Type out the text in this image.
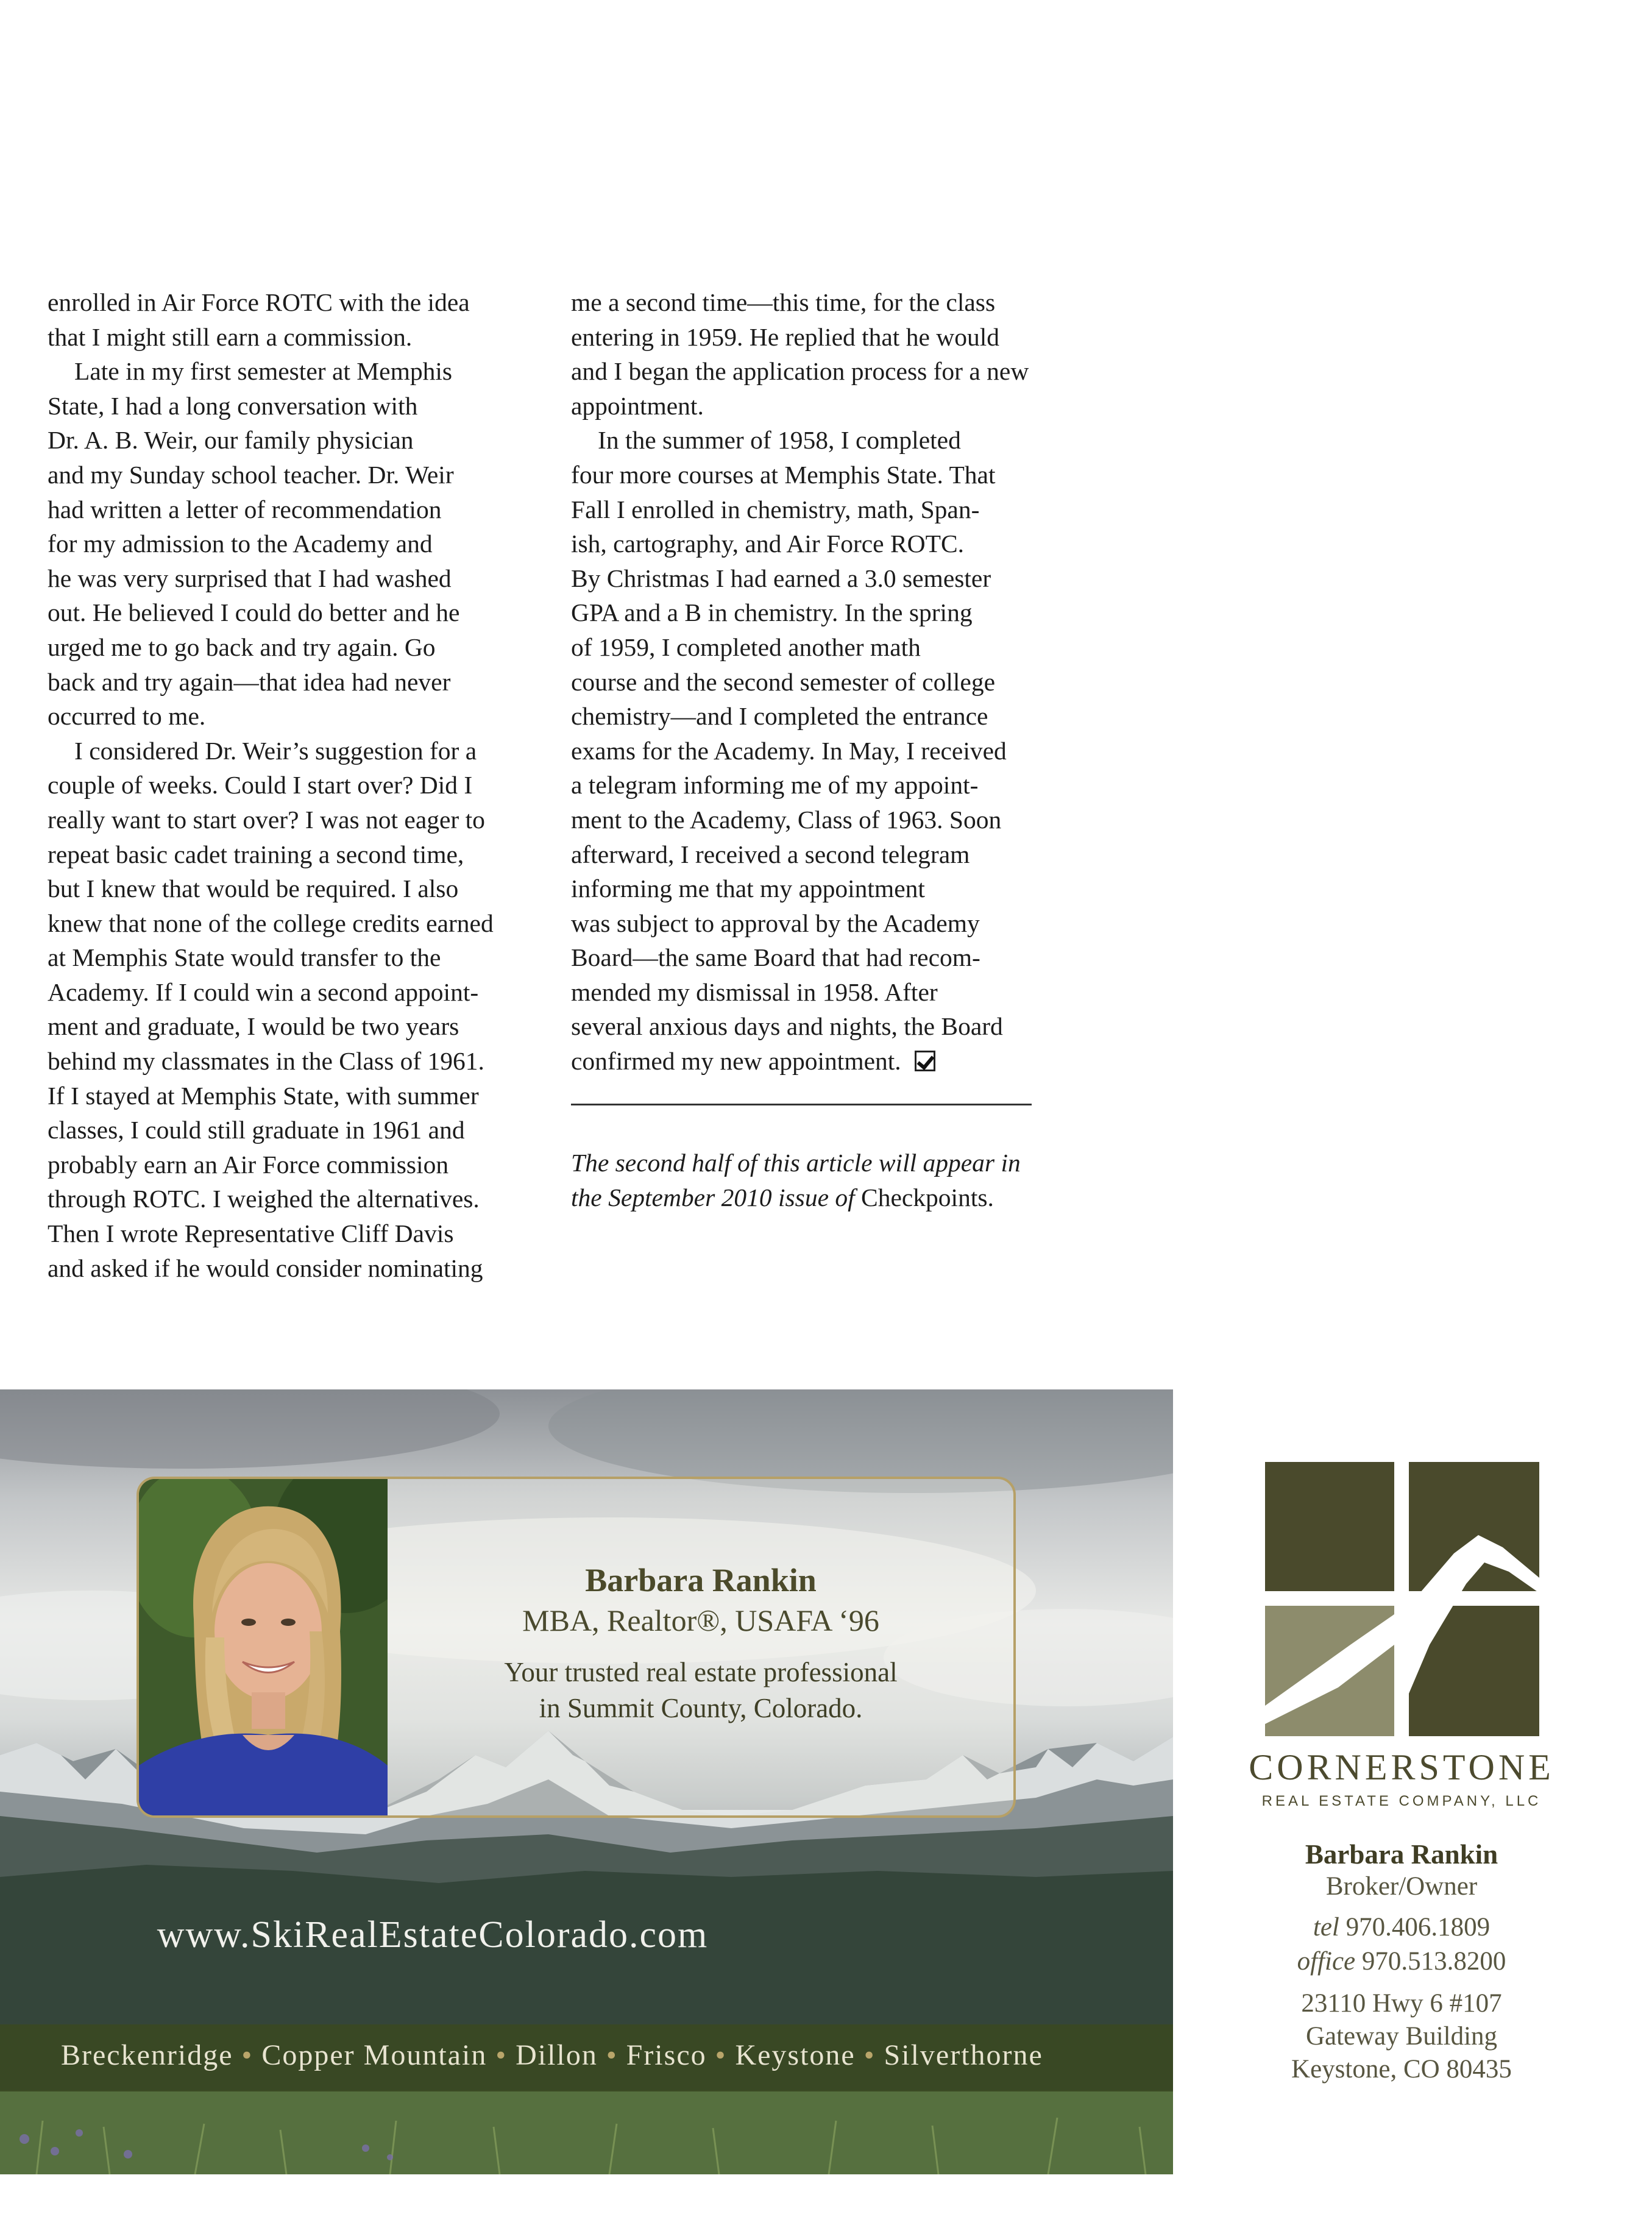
enrolled in Air Force ROTC with the idea
that I might still earn a commission.

Late in my first semester at Memphis
State, I had a long conversation with
Dr. A. B. Weir, our family physician
and my Sunday school teacher. Dr. Weir
had written a letter of recommendation
for my admission to the Academy and
he was very surprised that I had washed
out. He believed I could do better and he
urged me to go back and try again. Go
back and try again—that idea had never
occurred to me.

I considered Dr. Weir’s suggestion for a
couple of weeks. Could I start over? Did I
really want to start over? I was not eager to
repeat basic cadet training a second time,
but I knew that would be required. I also
knew that none of the college credits earned
at Memphis State would transfer to the
Academy. If I could win a second appoint-
ment and graduate, I would be two years
behind my classmates in the Class of 1961.
If I stayed at Memphis State, with summer
classes, I could still graduate in 1961 and
probably earn an Air Force commission
through ROTC. I weighed the alternatives.
Then I wrote Representative Cliff Davis
and asked if he would consider nominating

me a second time—this time, for the class
entering in 1959. He replied that he would
and I began the application process for a new
appointment.

In the summer of 1958, I completed
four more courses at Memphis State. That
Fall I enrolled in chemistry, math, Span-
ish, cartography, and Air Force ROTC.
By Christmas I had earned a 3.0 semester
GPA and a B in chemistry. In the spring
of 1959, I completed another math
course and the second semester of college
chemistry—and I completed the entrance
exams for the Academy. In May, I received
a telegram informing me of my appoint-
ment to the Academy, Class of 1963. Soon
afterward, I received a second telegram
informing me that my appointment
was subject to approval by the Academy
Board—the same Board that had recom-
mended my dismissal in 1958. After
several anxious days and nights, the Board
confirmed my new appointment.

The second half of this article will appear in
the September 2010 issue of Checkpoints.
Barbara Rankin
MBA, Realtor®, USAFA ‘96
Your trusted real estate professional
in Summit County, Colorado.
www.SkiRealEstateColorado.com
Breckenridge • Copper Mountain • Dillon • Frisco • Keystone • Silverthorne
CORNERSTONE
REAL ESTATE COMPANY, LLC
Barbara Rankin
Broker/Owner
tel 970.406.1809
office 970.513.8200
23110 Hwy 6 #107
Gateway Building
Keystone, CO 80435
